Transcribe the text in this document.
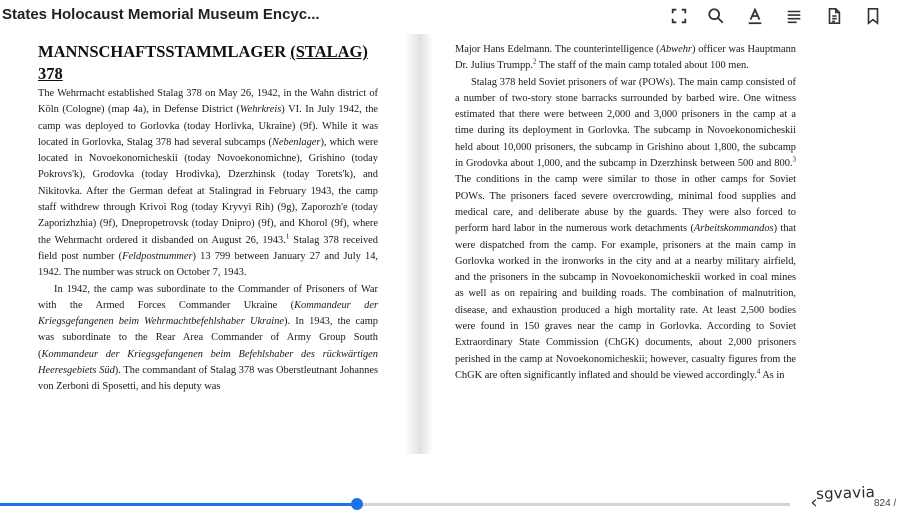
States Holocaust Memorial Museum Encyc...
MANNSCHAFTSSTAMMLAGER (STALAG)
378

The Wehrmacht established Stalag 378 on May 26, 1942, in the Wahn district of Köln (Cologne) (map 4a), in Defense District (Wehrkreis) VI. In July 1942, the camp was deployed to Gorlovka (today Horlivka, Ukraine) (9f). While it was located in Gorlovka, Stalag 378 had several subcamps (Nebenlager), which were located in Novoekonomicheskii (today Novoekonomichne), Grishino (today Pokrovs'k), Grodovka (today Hrodivka), Dzerzhinsk (today Torets'k), and Nikitovka. After the German defeat at Stalingrad in February 1943, the camp staff withdrew through Krivoi Rog (today Kryvyi Rih) (9g), Zaporozh'e (today Zaporizhzhia) (9f), Dnepropetrovsk (today Dnipro) (9f), and Khorol (9f), where the Wehrmacht ordered it disbanded on August 26, 1943.$^1$ Stalag 378 received field post number (Feldpostnummer) 13 799 between January 27 and July 14, 1942. The number was struck on October 7, 1943.

In 1942, the camp was subordinate to the Commander of Prisoners of War with the Armed Forces Commander Ukraine (Kommandeur der Kriegsgefangenen beim Wehrmachtbefehlshaber Ukraine). In 1943, the camp was subordinate to the Rear Area Commander of Army Group South (Kommandeur der Kriegsgefangenen beim Befehlshaber des rückwärtigen Heeresgebiets Süd). The commandant of Stalag 378 was Oberstleutnant Johannes von Zerboni di Sposetti, and his deputy was

Major Hans Edelmann. The counterintelligence (Abwehr) officer was Hauptmann Dr. Julius Trumpp.$^2$ The staff of the main camp totaled about 100 men.

Stalag 378 held Soviet prisoners of war (POWs). The main camp consisted of a number of two-story stone barracks surrounded by barbed wire. One witness estimated that there were between 2,000 and 3,000 prisoners in the camp at a time during its deployment in Gorlovka. The subcamp in Novoekonomicheskii held about 10,000 prisoners, the subcamp in Grishino about 1,800, the subcamp in Grodovka about 1,000, and the subcamp in Dzerzhinsk between 500 and 800.$^3$ The conditions in the camp were similar to those in other camps for Soviet POWs. The prisoners faced severe overcrowding, minimal food supplies and medical care, and deliberate abuse by the guards. They were also forced to perform hard labor in the numerous work detachments (Arbeitskommandos) that were dispatched from the camp. For example, prisoners at the main camp in Gorlovka worked in the ironworks in the city and at a nearby military airfield, and the prisoners in the subcamp in Novoekonomicheskii worked in coal mines as well as on repairing and building roads. The combination of malnutrition, disease, and exhaustion produced a high mortality rate. At least 2,500 bodies were found in 150 graves near the camp in Gorlovka. According to Soviet Extraordinary State Commission (ChGK) documents, about 2,000 prisoners perished in the camp at Novoekonomicheskii; however, casualty figures from the ChGK are often significantly inflated and should be viewed accordingly.$^4$ As in

‹
sgvavia
824 /
